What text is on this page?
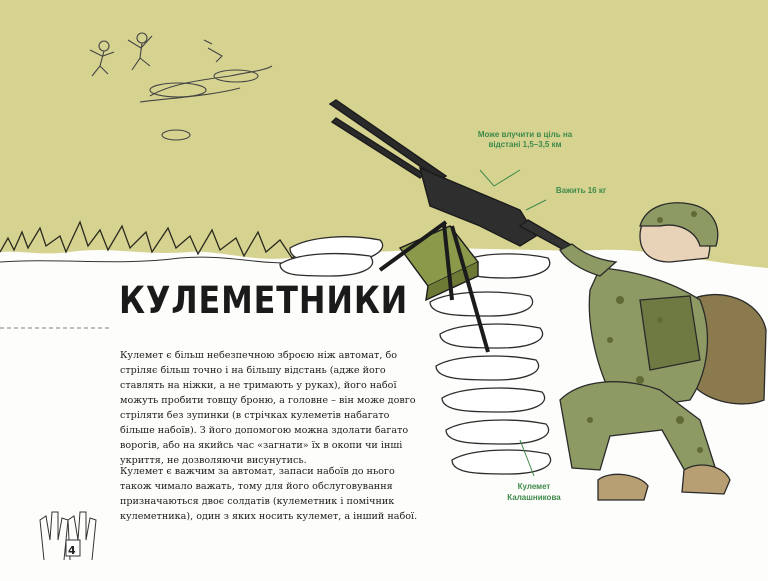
КУЛЕМЕТНИКИ

Кулемет є більш небезпечною зброєю ніж автомат, бо стріляє більш точно і на більшу відстань (адже його ставлять на ніжки, а не тримають у руках), його набої можуть пробити товщу броню, а головне – він може довго стріляти без зупинки (в стрічках кулеметів набагато більше набоїв). З його допомогою можна здолати багато ворогів, або на якийсь час «загнати» їх в окопи чи інші укриття, не дозволяючи висунутись.

Кулемет є важчим за автомат, запаси набоїв до нього також чимало важать, тому для його обслуговування призначаються двоє солдатів (кулеметник і помічник кулеметника), один з яких носить кулемет, а інший набої.

Може влучити в ціль на відстані 1,5–3,5 км
Важить 16 кг
Кулемет Калашникова
4
